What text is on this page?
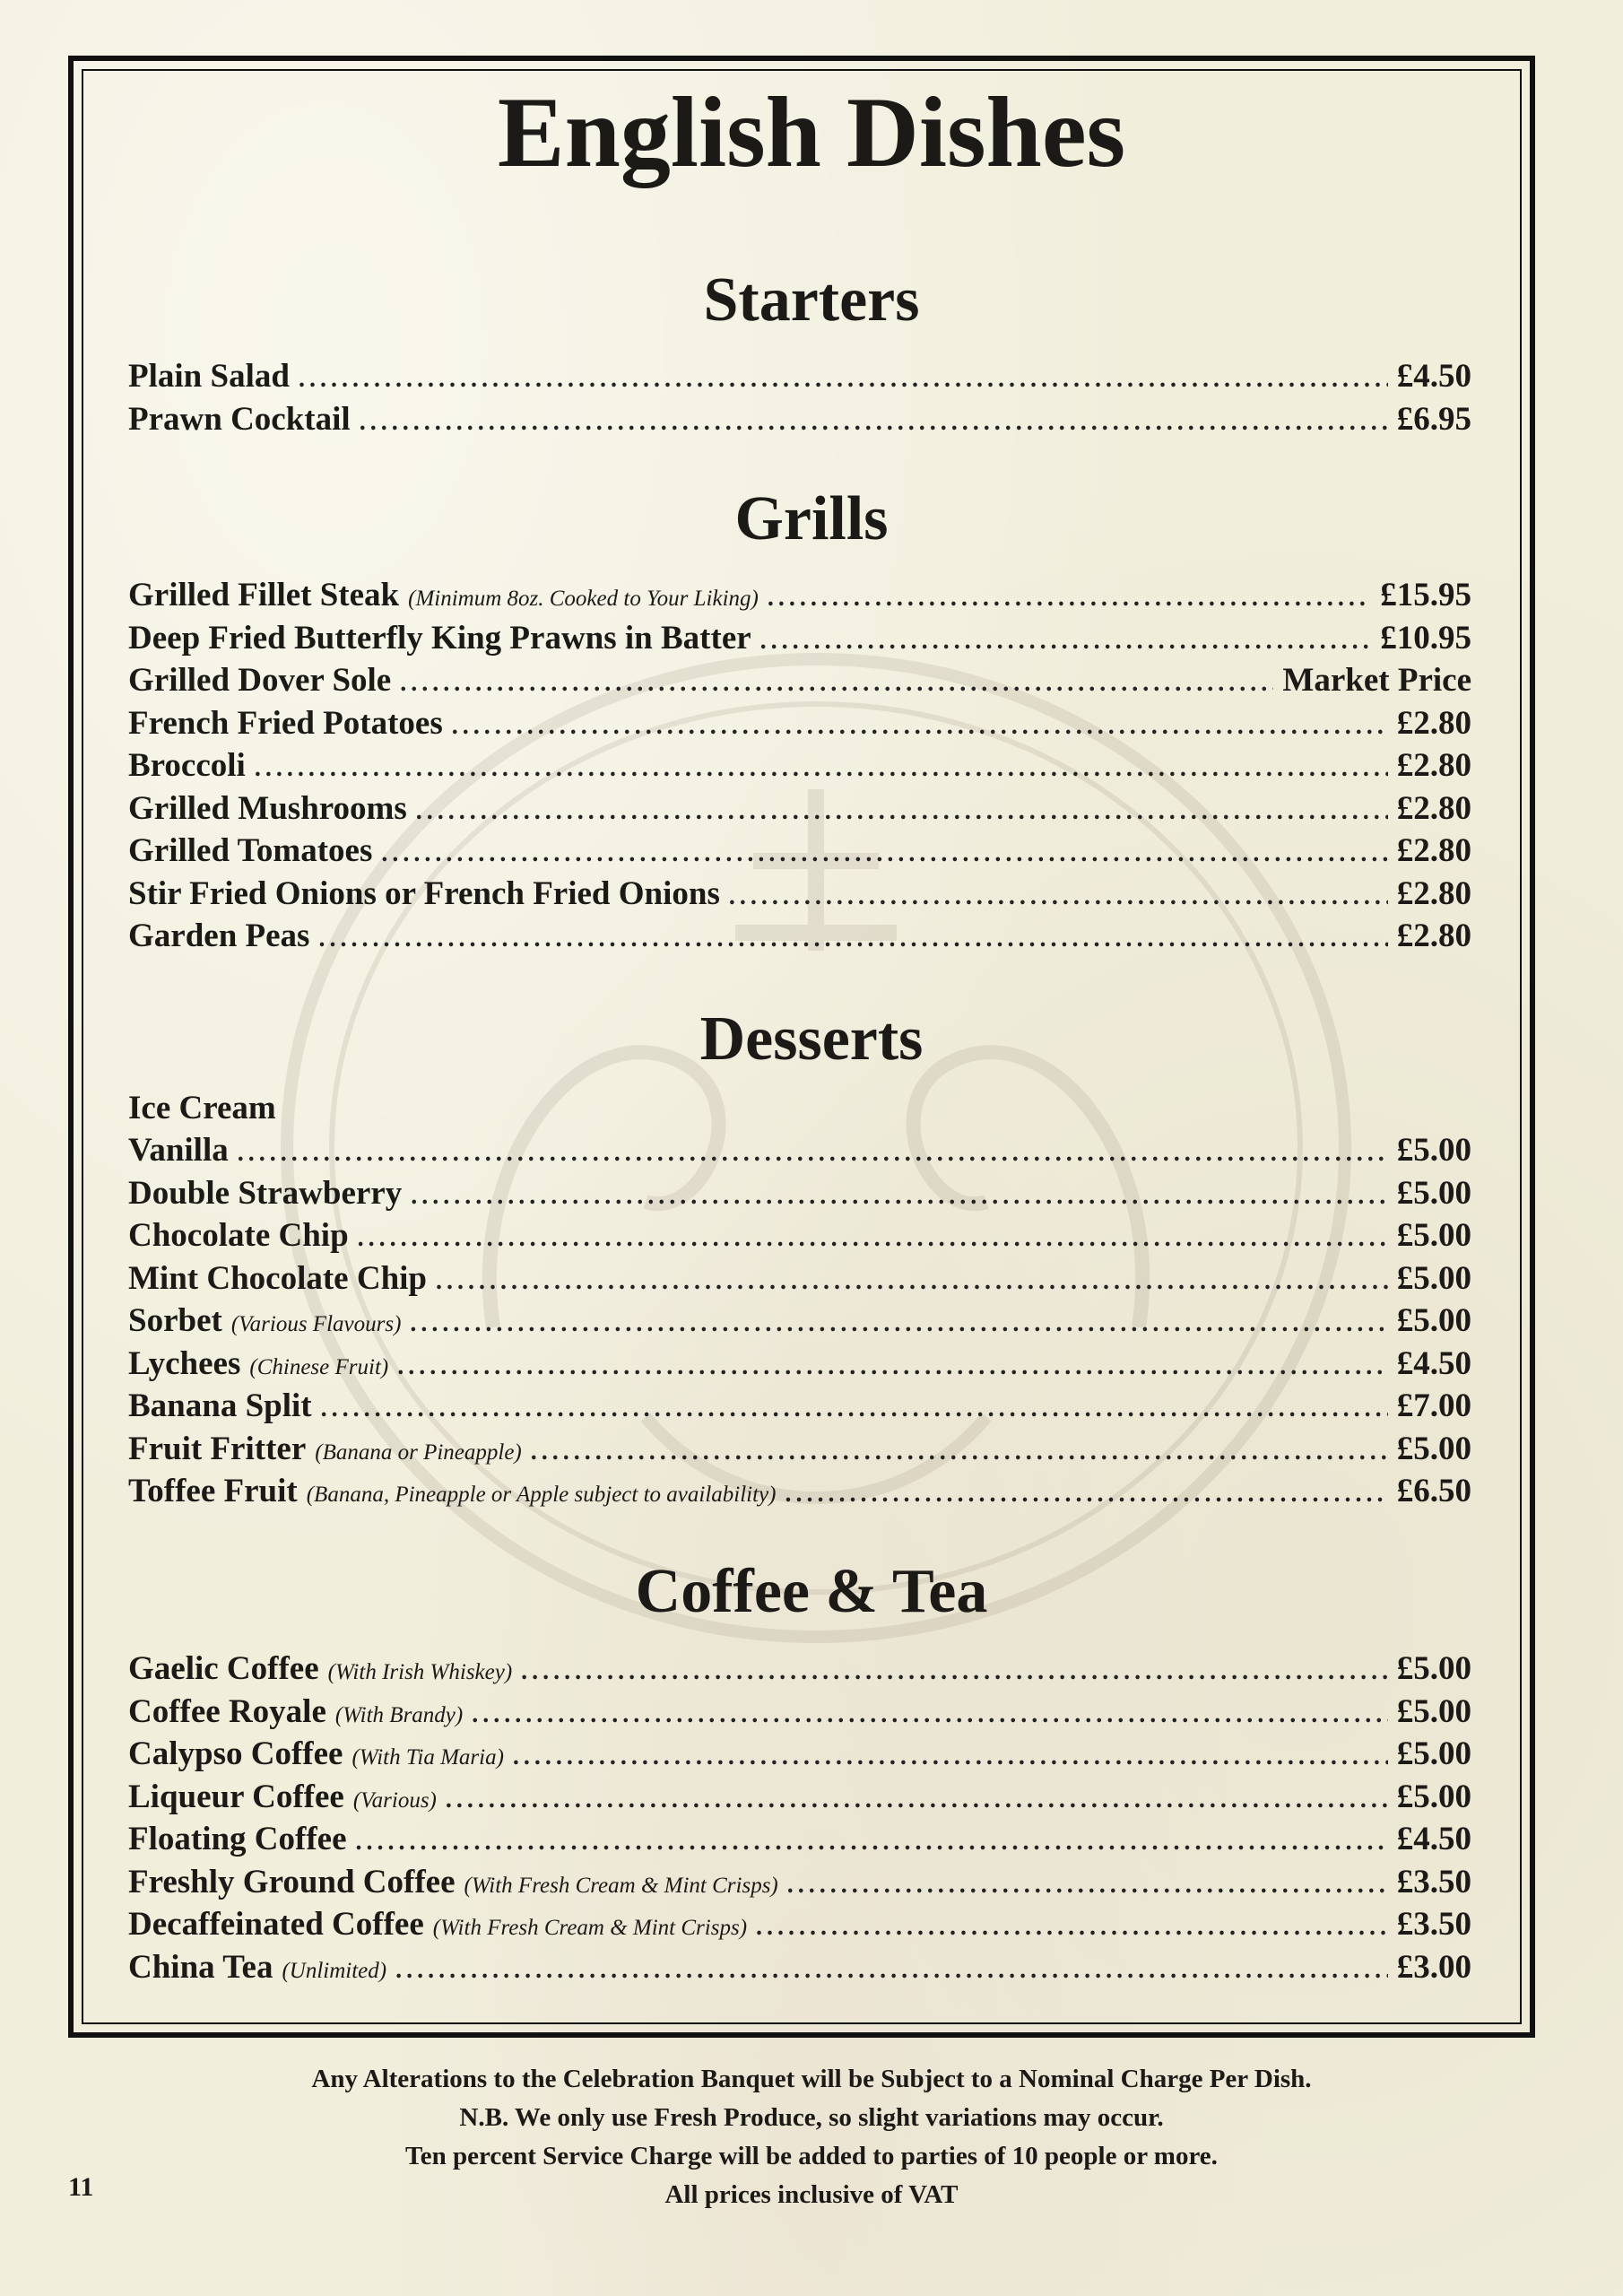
English Dishes
Starters
Plain Salad .....	£4.50
Prawn Cocktail .....	£6.95
Grills
Grilled Fillet Steak (Minimum 8oz. Cooked to Your Liking) .....	£15.95
Deep Fried Butterfly King Prawns in Batter .....	£10.95
Grilled Dover Sole .....	Market Price
French Fried Potatoes .....	£2.80
Broccoli .....	£2.80
Grilled Mushrooms .....	£2.80
Grilled Tomatoes .....	£2.80
Stir Fried Onions or French Fried Onions .....	£2.80
Garden Peas .....	£2.80
Desserts
Ice Cream
Vanilla .....	£5.00
Double Strawberry .....	£5.00
Chocolate Chip .....	£5.00
Mint Chocolate Chip .....	£5.00
Sorbet (Various Flavours) .....	£5.00
Lychees (Chinese Fruit) .....	£4.50
Banana Split .....	£7.00
Fruit Fritter (Banana or Pineapple) .....	£5.00
Toffee Fruit (Banana, Pineapple or Apple subject to availability) .....	£6.50
Coffee & Tea
Gaelic Coffee (With Irish Whiskey) .....	£5.00
Coffee Royale (With Brandy) .....	£5.00
Calypso Coffee (With Tia Maria) .....	£5.00
Liqueur Coffee (Various) .....	£5.00
Floating Coffee .....	£4.50
Freshly Ground Coffee (With Fresh Cream & Mint Crisps) .....	£3.50
Decaffeinated Coffee (With Fresh Cream & Mint Crisps) .....	£3.50
China Tea (Unlimited) .....	£3.00
Any Alterations to the Celebration Banquet will be Subject to a Nominal Charge Per Dish.
N.B. We only use Fresh Produce, so slight variations may occur.
Ten percent Service Charge will be added to parties of 10 people or more.
All prices inclusive of VAT
11
